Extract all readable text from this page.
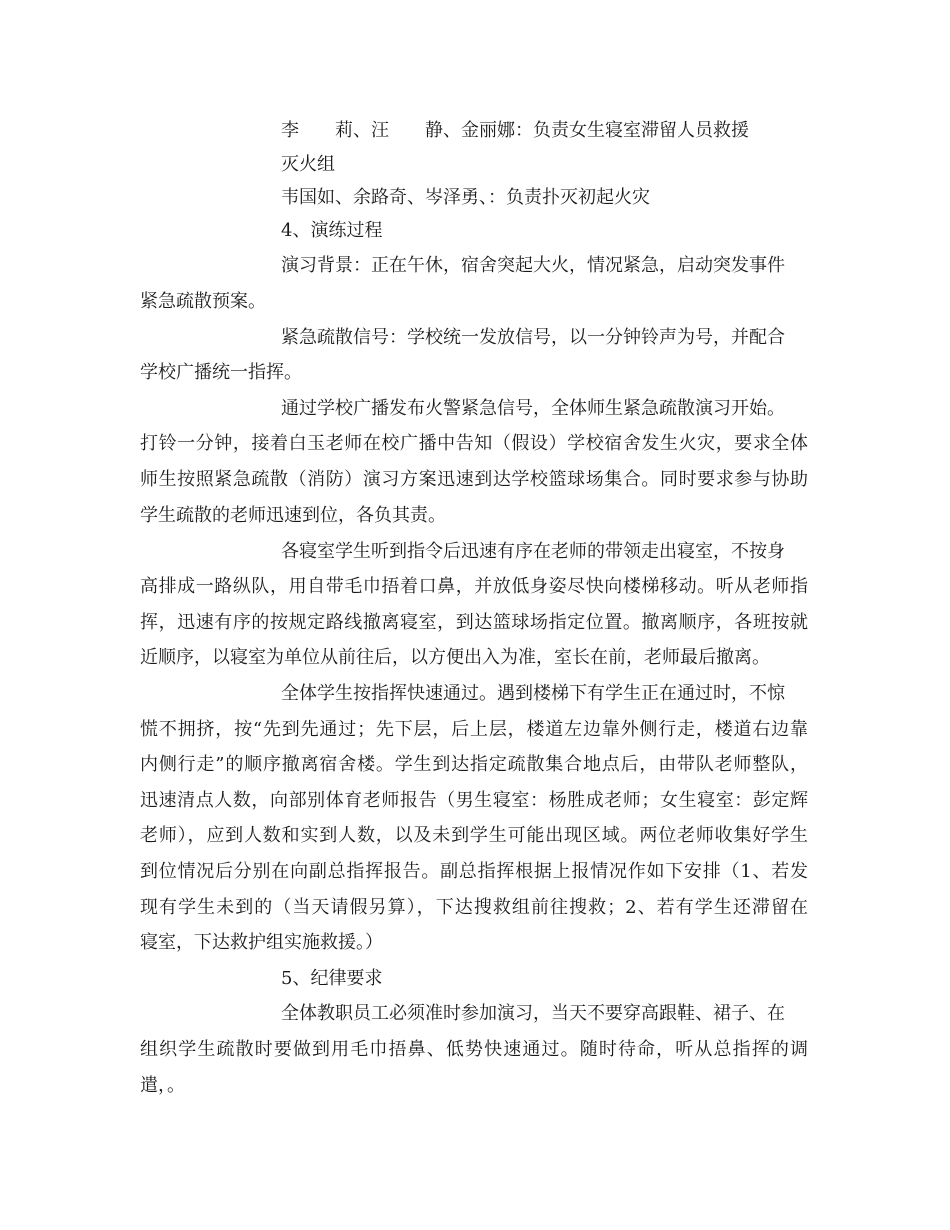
李　　莉、汪　　静、金丽娜：负责女生寝室滞留人员救援
灭火组
韦国如、余路奇、岑泽勇、：负责扑灭初起火灾
4、演练过程
演习背景：正在午休，宿舍突起大火，情况紧急，启动突发事件
紧急疏散预案。
紧急疏散信号：学校统一发放信号，以一分钟铃声为号，并配合
学校广播统一指挥。
通过学校广播发布火警紧急信号，全体师生紧急疏散演习开始。
打铃一分钟，接着白玉老师在校广播中告知（假设）学校宿舍发生火灾，要求全体
师生按照紧急疏散（消防）演习方案迅速到达学校篮球场集合。同时要求参与协助
学生疏散的老师迅速到位，各负其责。
各寝室学生听到指令后迅速有序在老师的带领走出寝室，不按身
高排成一路纵队，用自带毛巾捂着口鼻，并放低身姿尽快向楼梯移动。听从老师指
挥，迅速有序的按规定路线撤离寝室，到达篮球场指定位置。撤离顺序，各班按就
近顺序，以寝室为单位从前往后，以方便出入为准，室长在前，老师最后撤离。
全体学生按指挥快速通过。遇到楼梯下有学生正在通过时，不惊
慌不拥挤，按“先到先通过；先下层，后上层，楼道左边靠外侧行走，楼道右边靠
内侧行走”的顺序撤离宿舍楼。学生到达指定疏散集合地点后，由带队老师整队，
迅速清点人数，向部别体育老师报告（男生寝室：杨胜成老师；女生寝室：彭定辉
老师），应到人数和实到人数，以及未到学生可能出现区域。两位老师收集好学生
到位情况后分别在向副总指挥报告。副总指挥根据上报情况作如下安排（1、若发
现有学生未到的（当天请假另算），下达搜救组前往搜救；2、若有学生还滞留在
寝室，下达救护组实施救援。）
5、纪律要求
全体教职员工必须准时参加演习，当天不要穿高跟鞋、裙子、在
组织学生疏散时要做到用毛巾捂鼻、低势快速通过。随时待命，听从总指挥的调
遣，。
